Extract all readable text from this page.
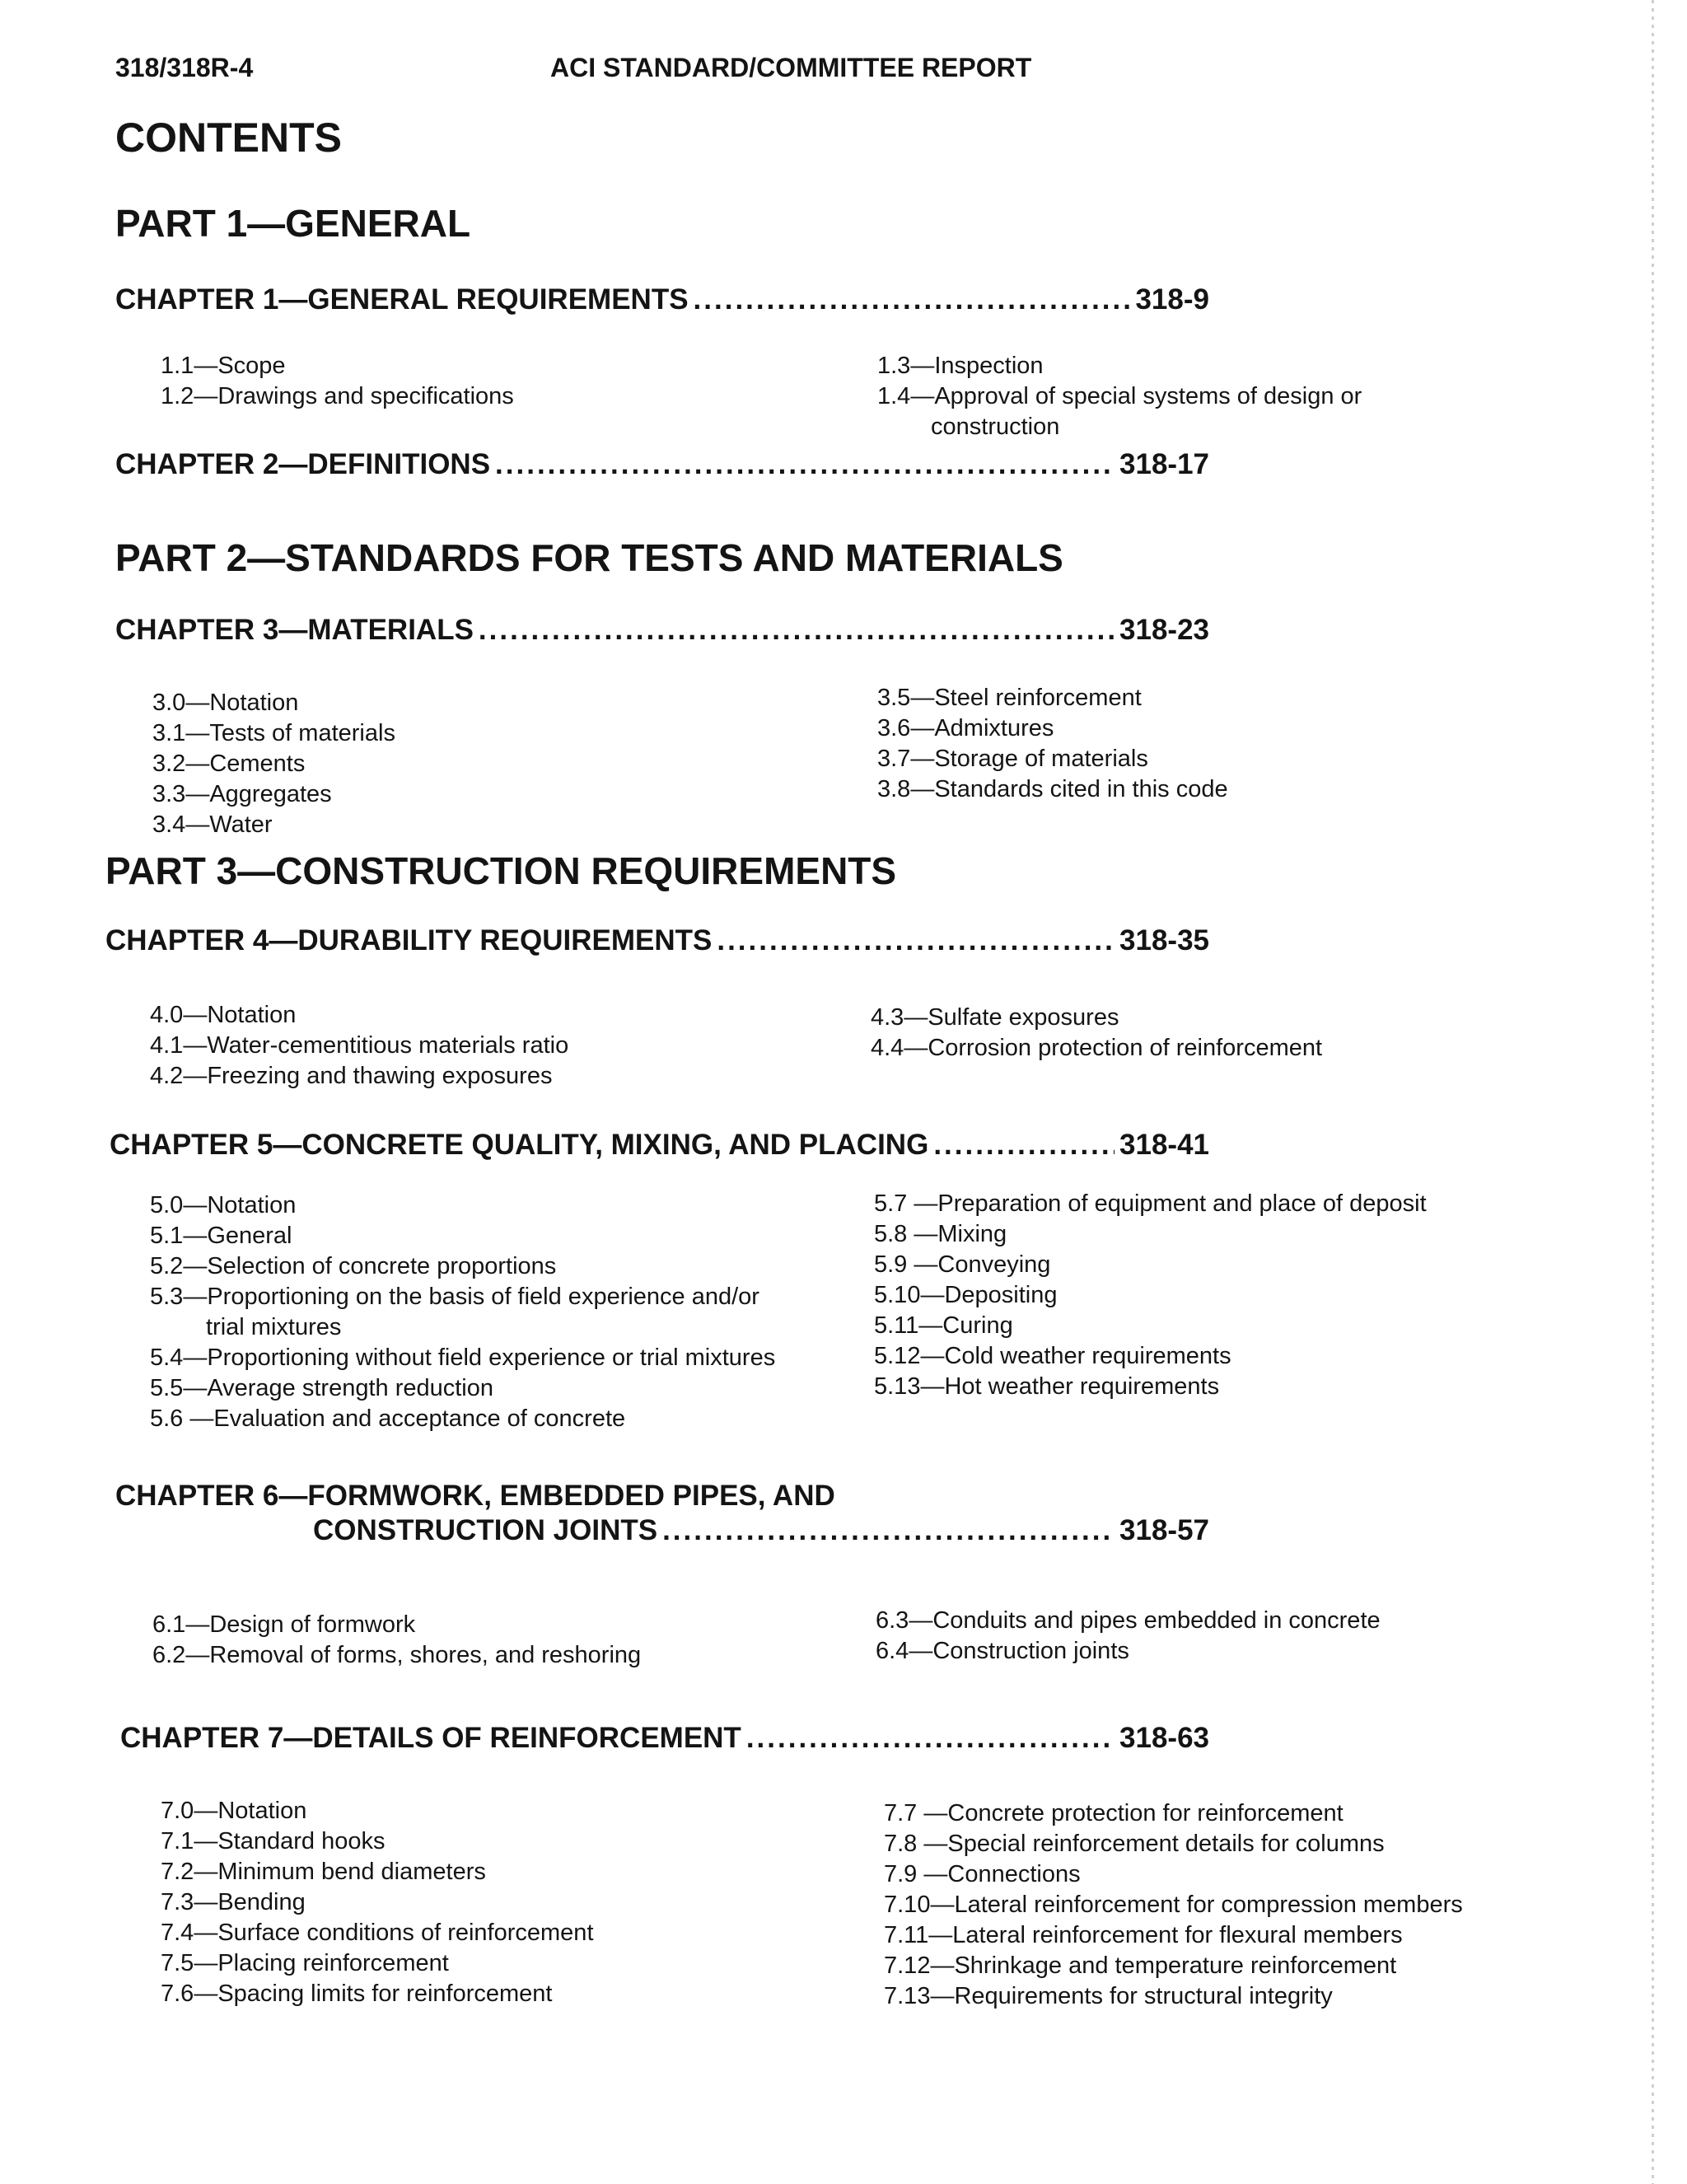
318/318R-4	ACI STANDARD/COMMITTEE REPORT
CONTENTS
PART 1—GENERAL
CHAPTER 1—GENERAL REQUIREMENTS .....	318-9
1.1—Scope
1.2—Drawings and specifications
1.3—Inspection
1.4—Approval of special systems of design or
construction
CHAPTER 2—DEFINITIONS .....	318-17
PART 2—STANDARDS FOR TESTS AND MATERIALS
CHAPTER 3—MATERIALS .....	318-23
3.0—Notation
3.1—Tests of materials
3.2—Cements
3.3—Aggregates
3.4—Water
3.5—Steel reinforcement
3.6—Admixtures
3.7—Storage of materials
3.8—Standards cited in this code
PART 3—CONSTRUCTION REQUIREMENTS
CHAPTER 4—DURABILITY REQUIREMENTS .....	318-35
4.0—Notation
4.1—Water-cementitious materials ratio
4.2—Freezing and thawing exposures
4.3—Sulfate exposures
4.4—Corrosion protection of reinforcement
CHAPTER 5—CONCRETE QUALITY, MIXING, AND PLACING .....	318-41
5.0—Notation
5.1—General
5.2—Selection of concrete proportions
5.3—Proportioning on the basis of field experience and/or
trial mixtures
5.4—Proportioning without field experience or trial mixtures
5.5—Average strength reduction
5.6 —Evaluation and acceptance of concrete
5.7 —Preparation of equipment and place of deposit
5.8 —Mixing
5.9 —Conveying
5.10—Depositing
5.11—Curing
5.12—Cold weather requirements
5.13—Hot weather requirements
CHAPTER 6—FORMWORK, EMBEDDED PIPES, AND
CONSTRUCTION JOINTS .....	318-57
6.1—Design of formwork
6.2—Removal of forms, shores, and reshoring
6.3—Conduits and pipes embedded in concrete
6.4—Construction joints
CHAPTER 7—DETAILS OF REINFORCEMENT .....	318-63
7.0—Notation
7.1—Standard hooks
7.2—Minimum bend diameters
7.3—Bending
7.4—Surface conditions of reinforcement
7.5—Placing reinforcement
7.6—Spacing limits for reinforcement
7.7 —Concrete protection for reinforcement
7.8 —Special reinforcement details for columns
7.9 —Connections
7.10—Lateral reinforcement for compression members
7.11—Lateral reinforcement for flexural members
7.12—Shrinkage and temperature reinforcement
7.13—Requirements for structural integrity
